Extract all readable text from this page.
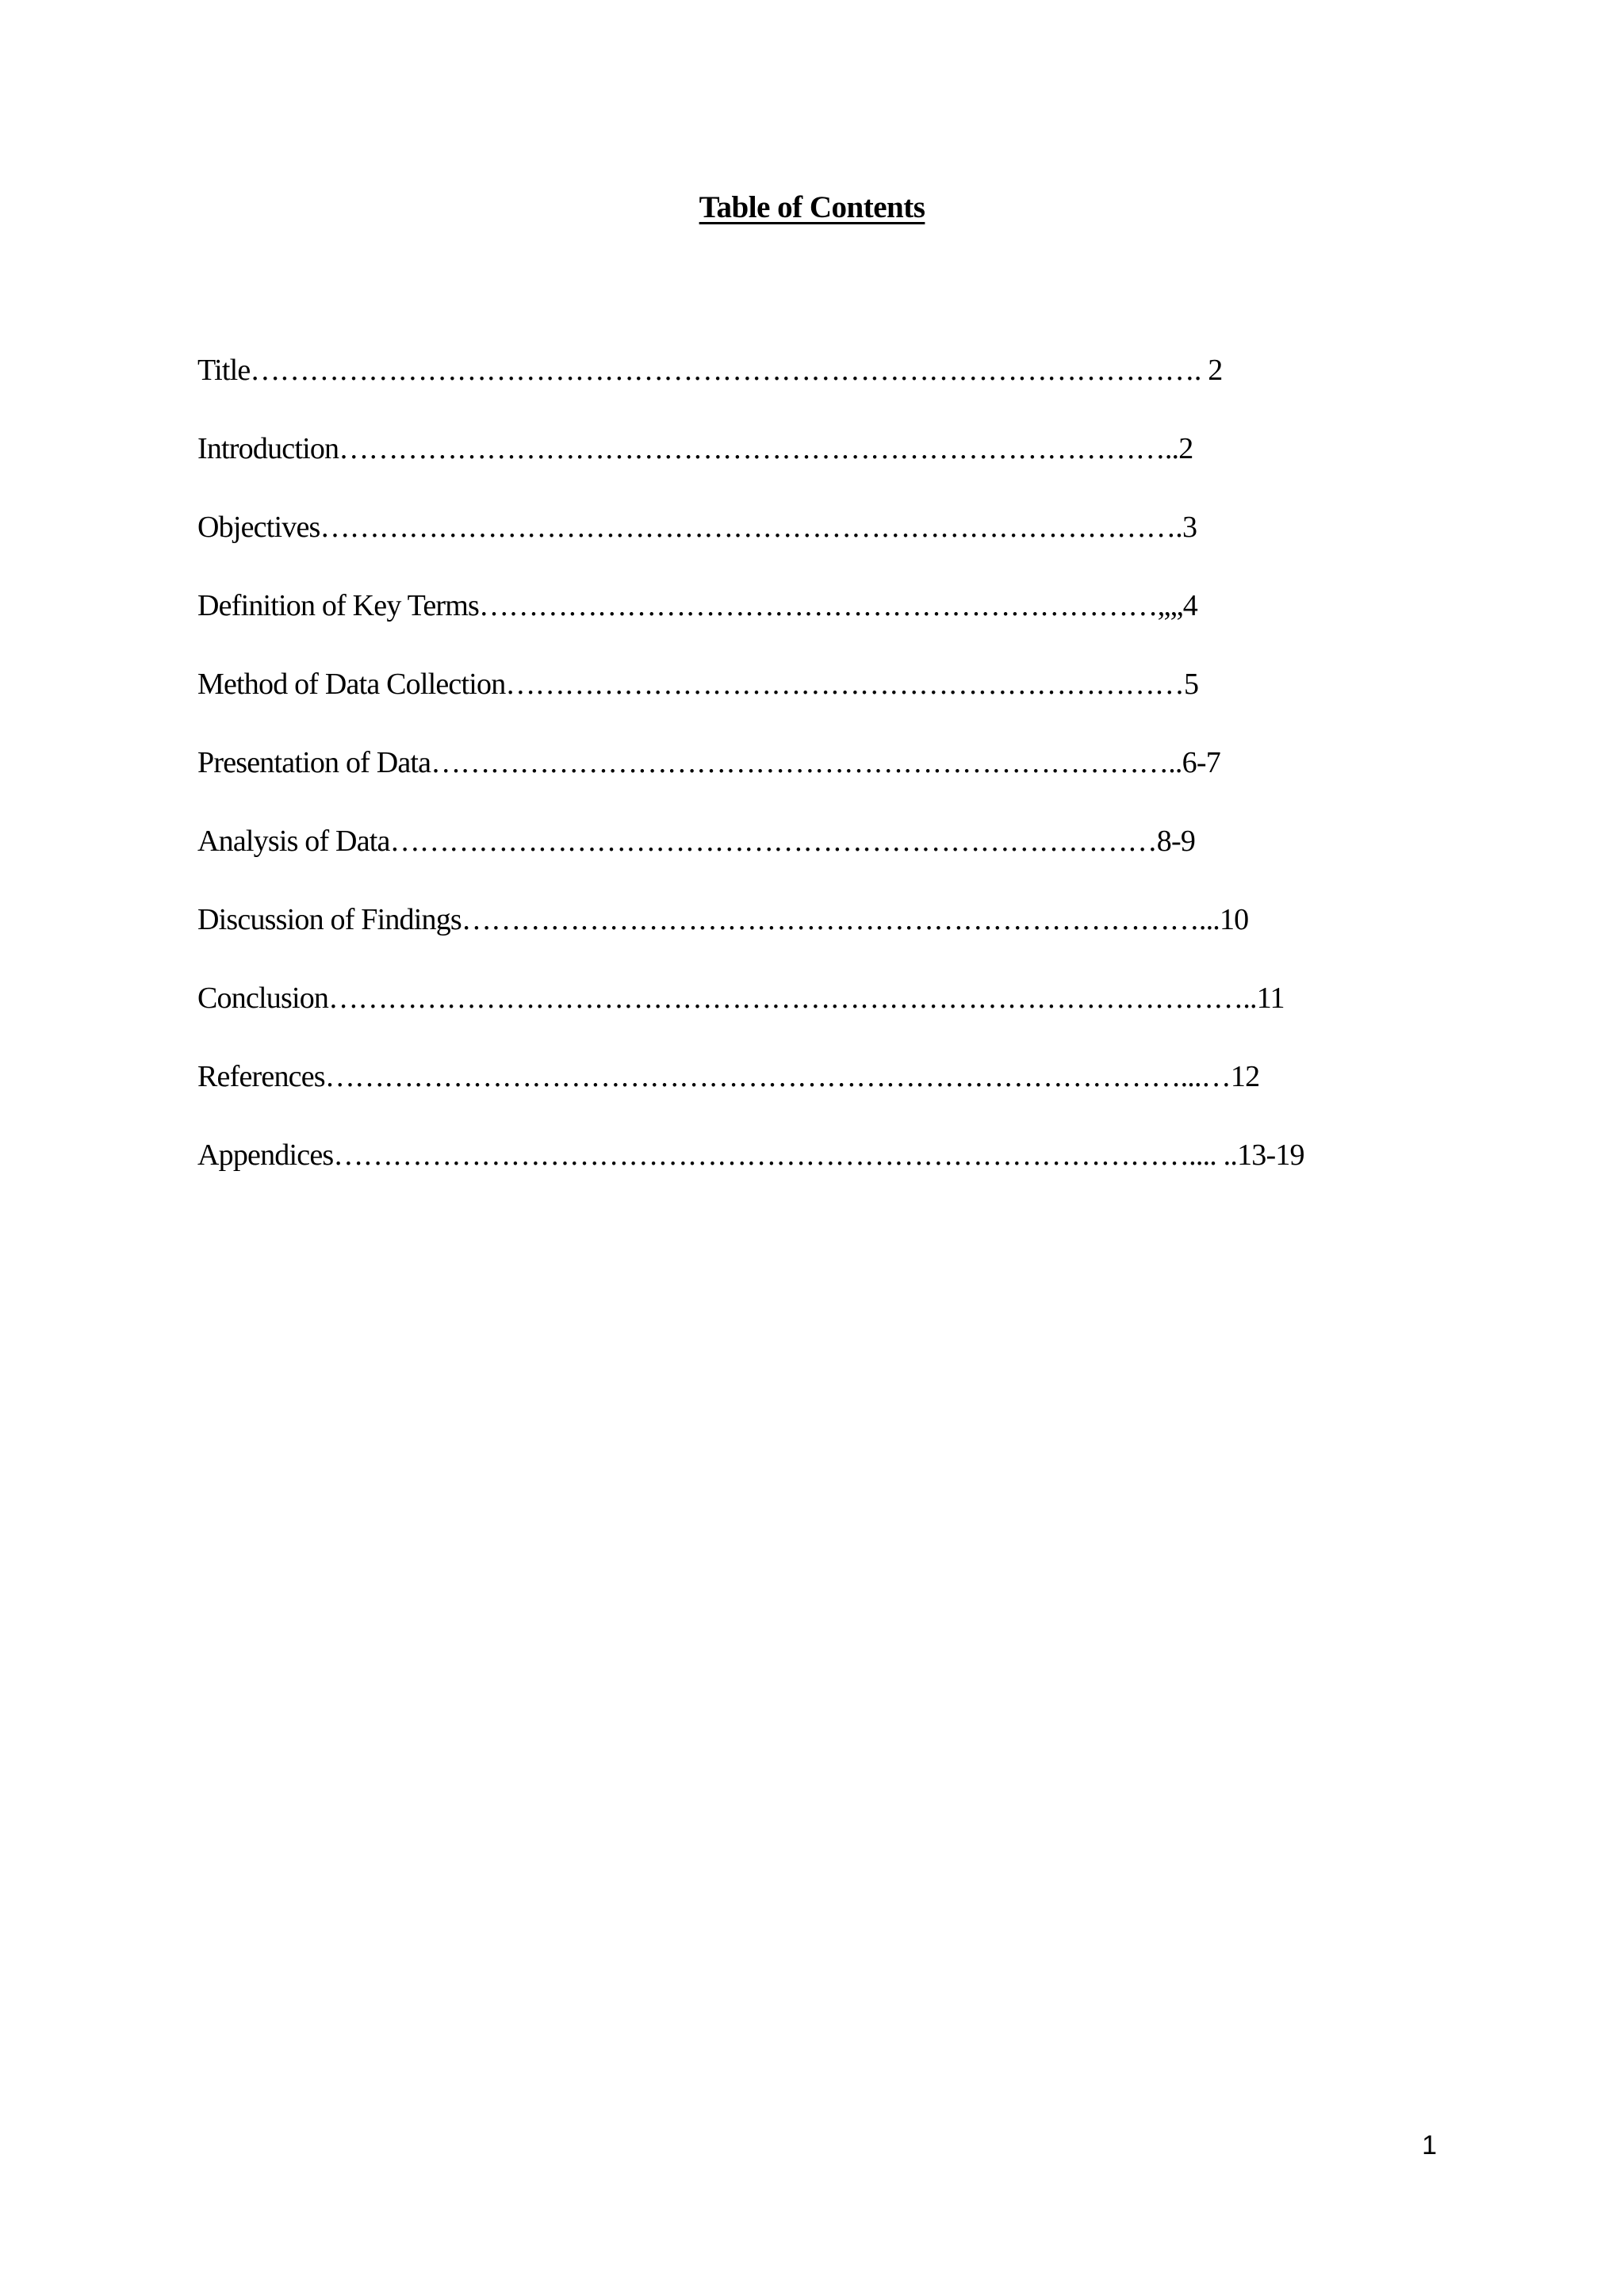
Table of Contents
Title……………………………………………………………………………………. 2
Introduction…………………………………………………………………………..2
Objectives…………………………………………………………………………….3
Definition of Key Terms……………………………………………………………„„4
Method of Data Collection……………………………………………………………5
Presentation of Data…………………………………………………………………..6-7
Analysis of Data……………………………………………………………………8-9
Discussion of Findings…………………………………………………………………...10
Conclusion…………………………………………………………………………………..11
References……………………………………………………………………………...…12
Appendices…………………………………………………………………………….... ..13-19
1
